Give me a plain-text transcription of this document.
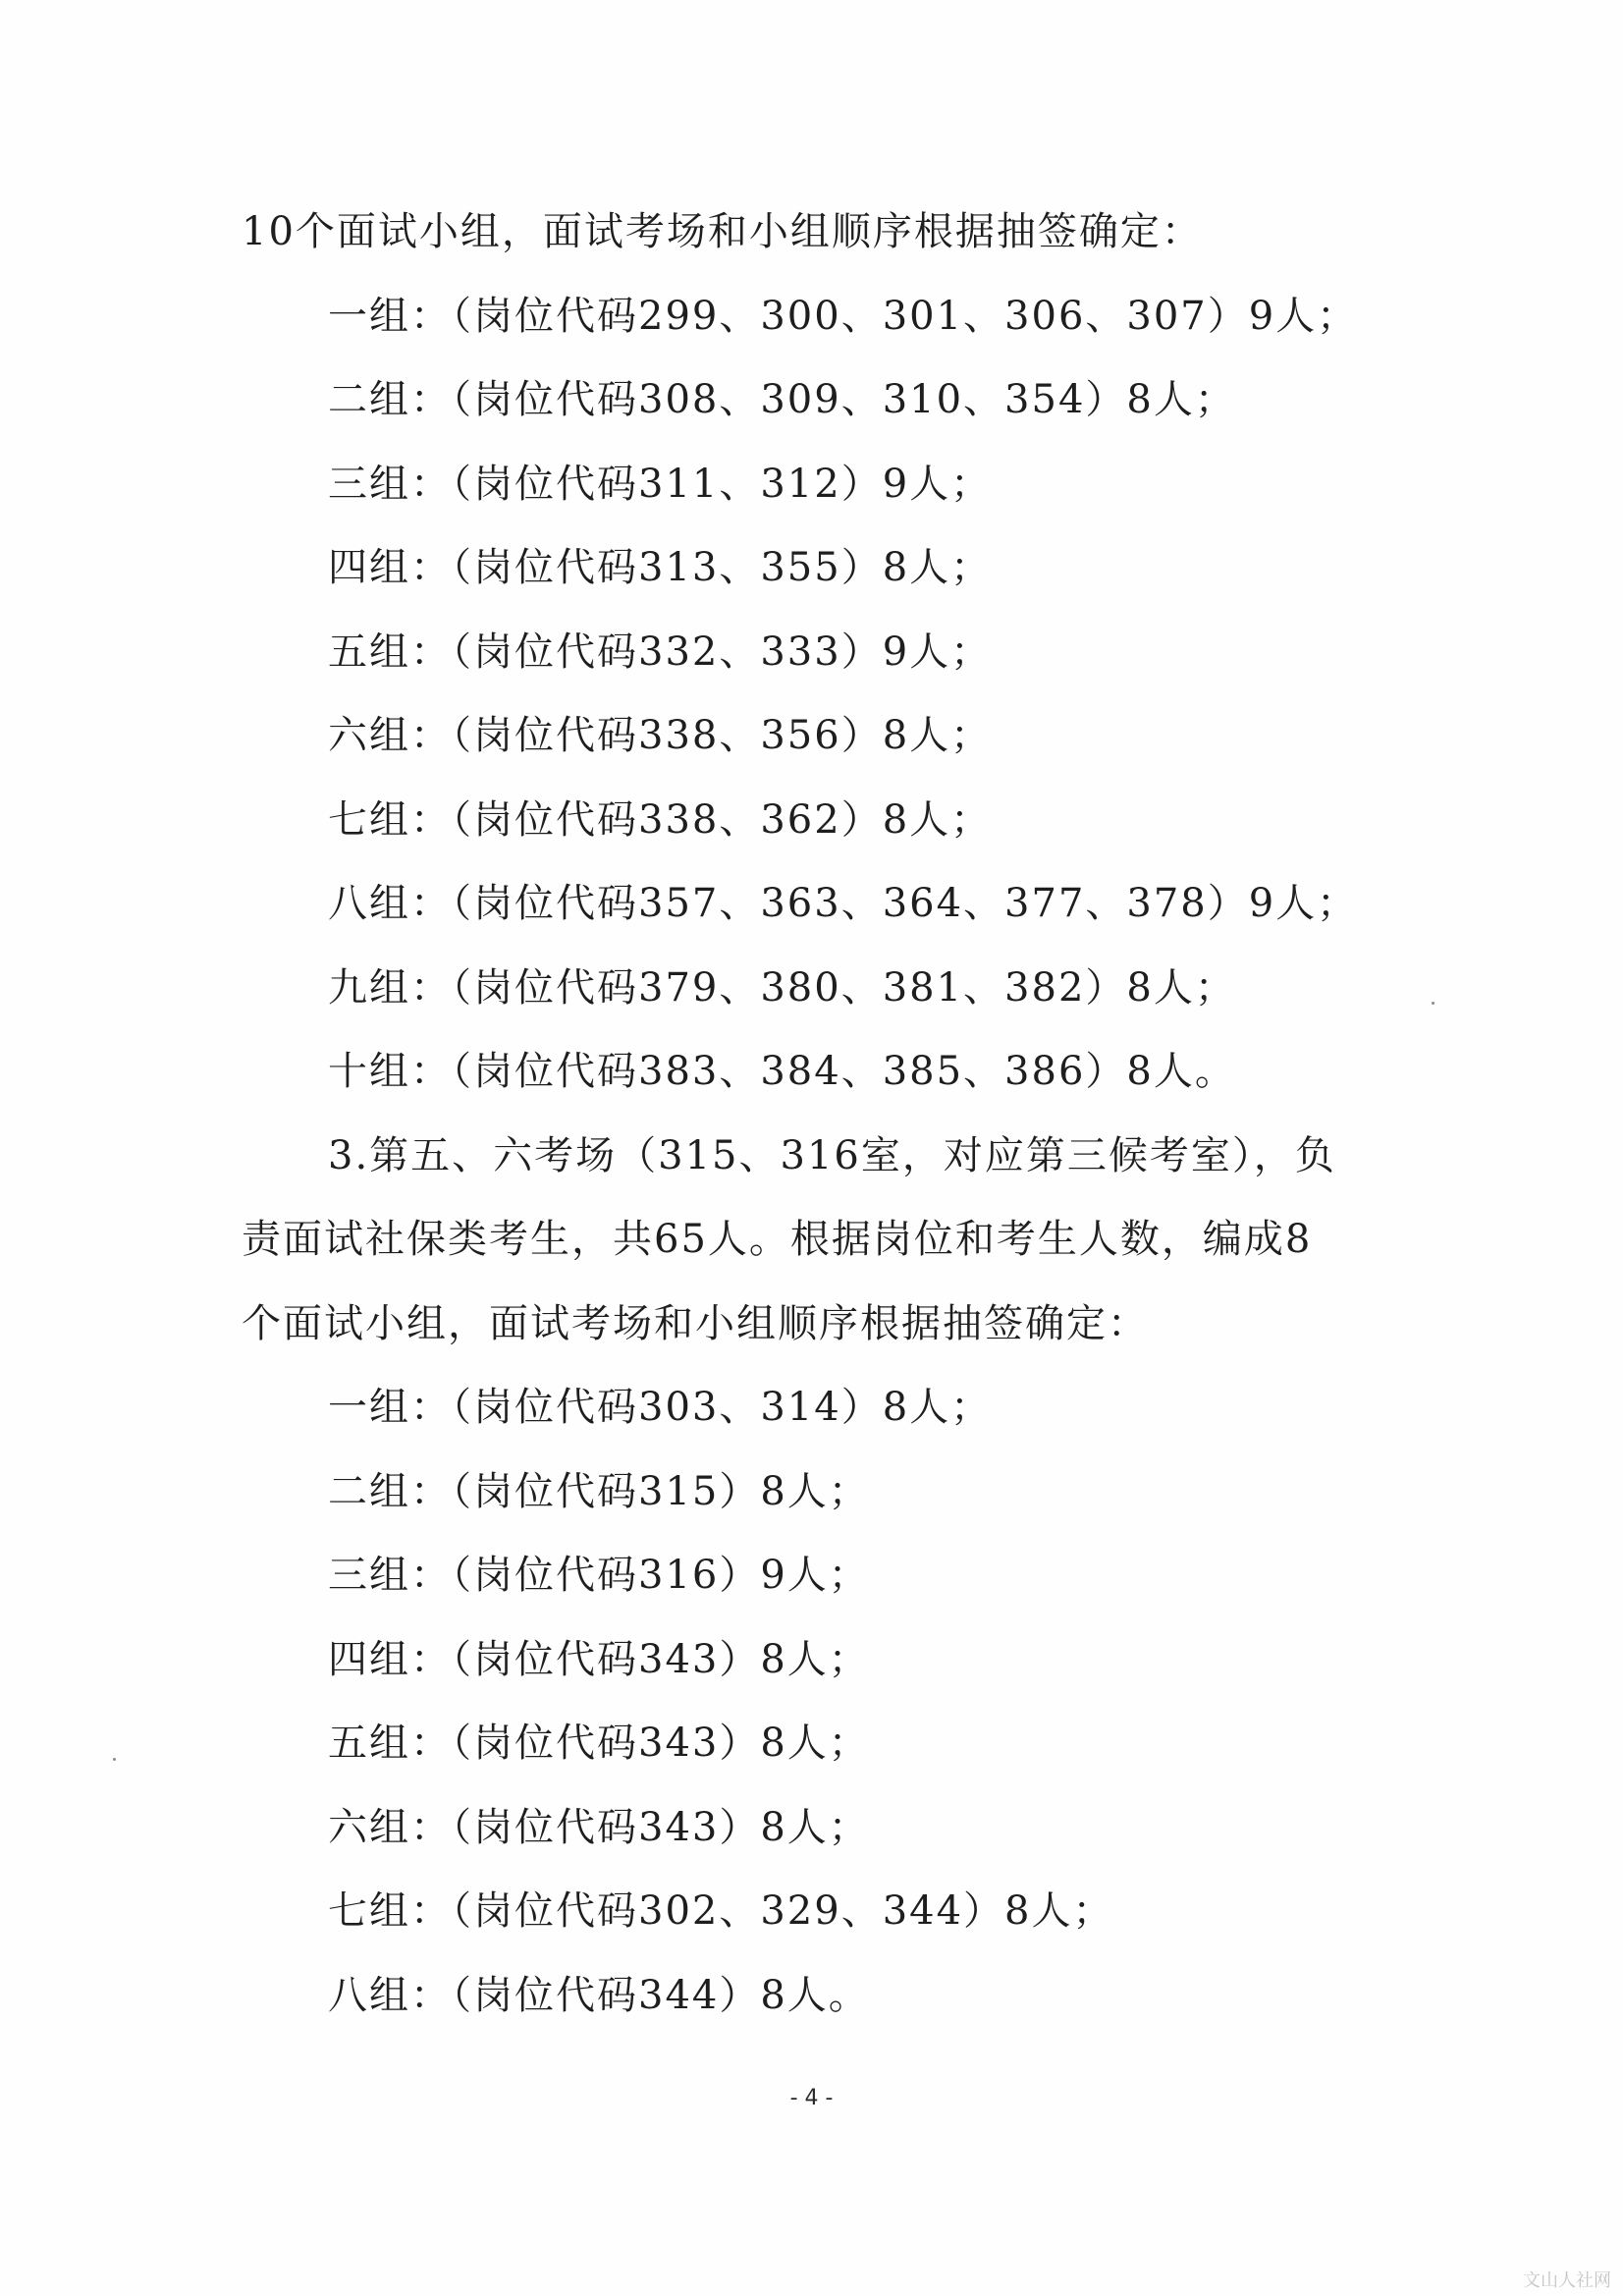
10个面试小组，面试考场和小组顺序根据抽签确定：
一组：（岗位代码299、300、301、306、307）9人；
二组：（岗位代码308、309、310、354）8人；
三组：（岗位代码311、312）9人；
四组：（岗位代码313、355）8人；
五组：（岗位代码332、333）9人；
六组：（岗位代码338、356）8人；
七组：（岗位代码338、362）8人；
八组：（岗位代码357、363、364、377、378）9人；
九组：（岗位代码379、380、381、382）8人；
十组：（岗位代码383、384、385、386）8人。
3.第五、六考场（315、316室，对应第三候考室），负
责面试社保类考生，共65人。根据岗位和考生人数，编成8
个面试小组，面试考场和小组顺序根据抽签确定：
一组：（岗位代码303、314）8人；
二组：（岗位代码315）8人；
三组：（岗位代码316）9人；
四组：（岗位代码343）8人；
五组：（岗位代码343）8人；
六组：（岗位代码343）8人；
七组：（岗位代码302、329、344）8人；
八组：（岗位代码344）8人。
- 4 -
文山人社网
